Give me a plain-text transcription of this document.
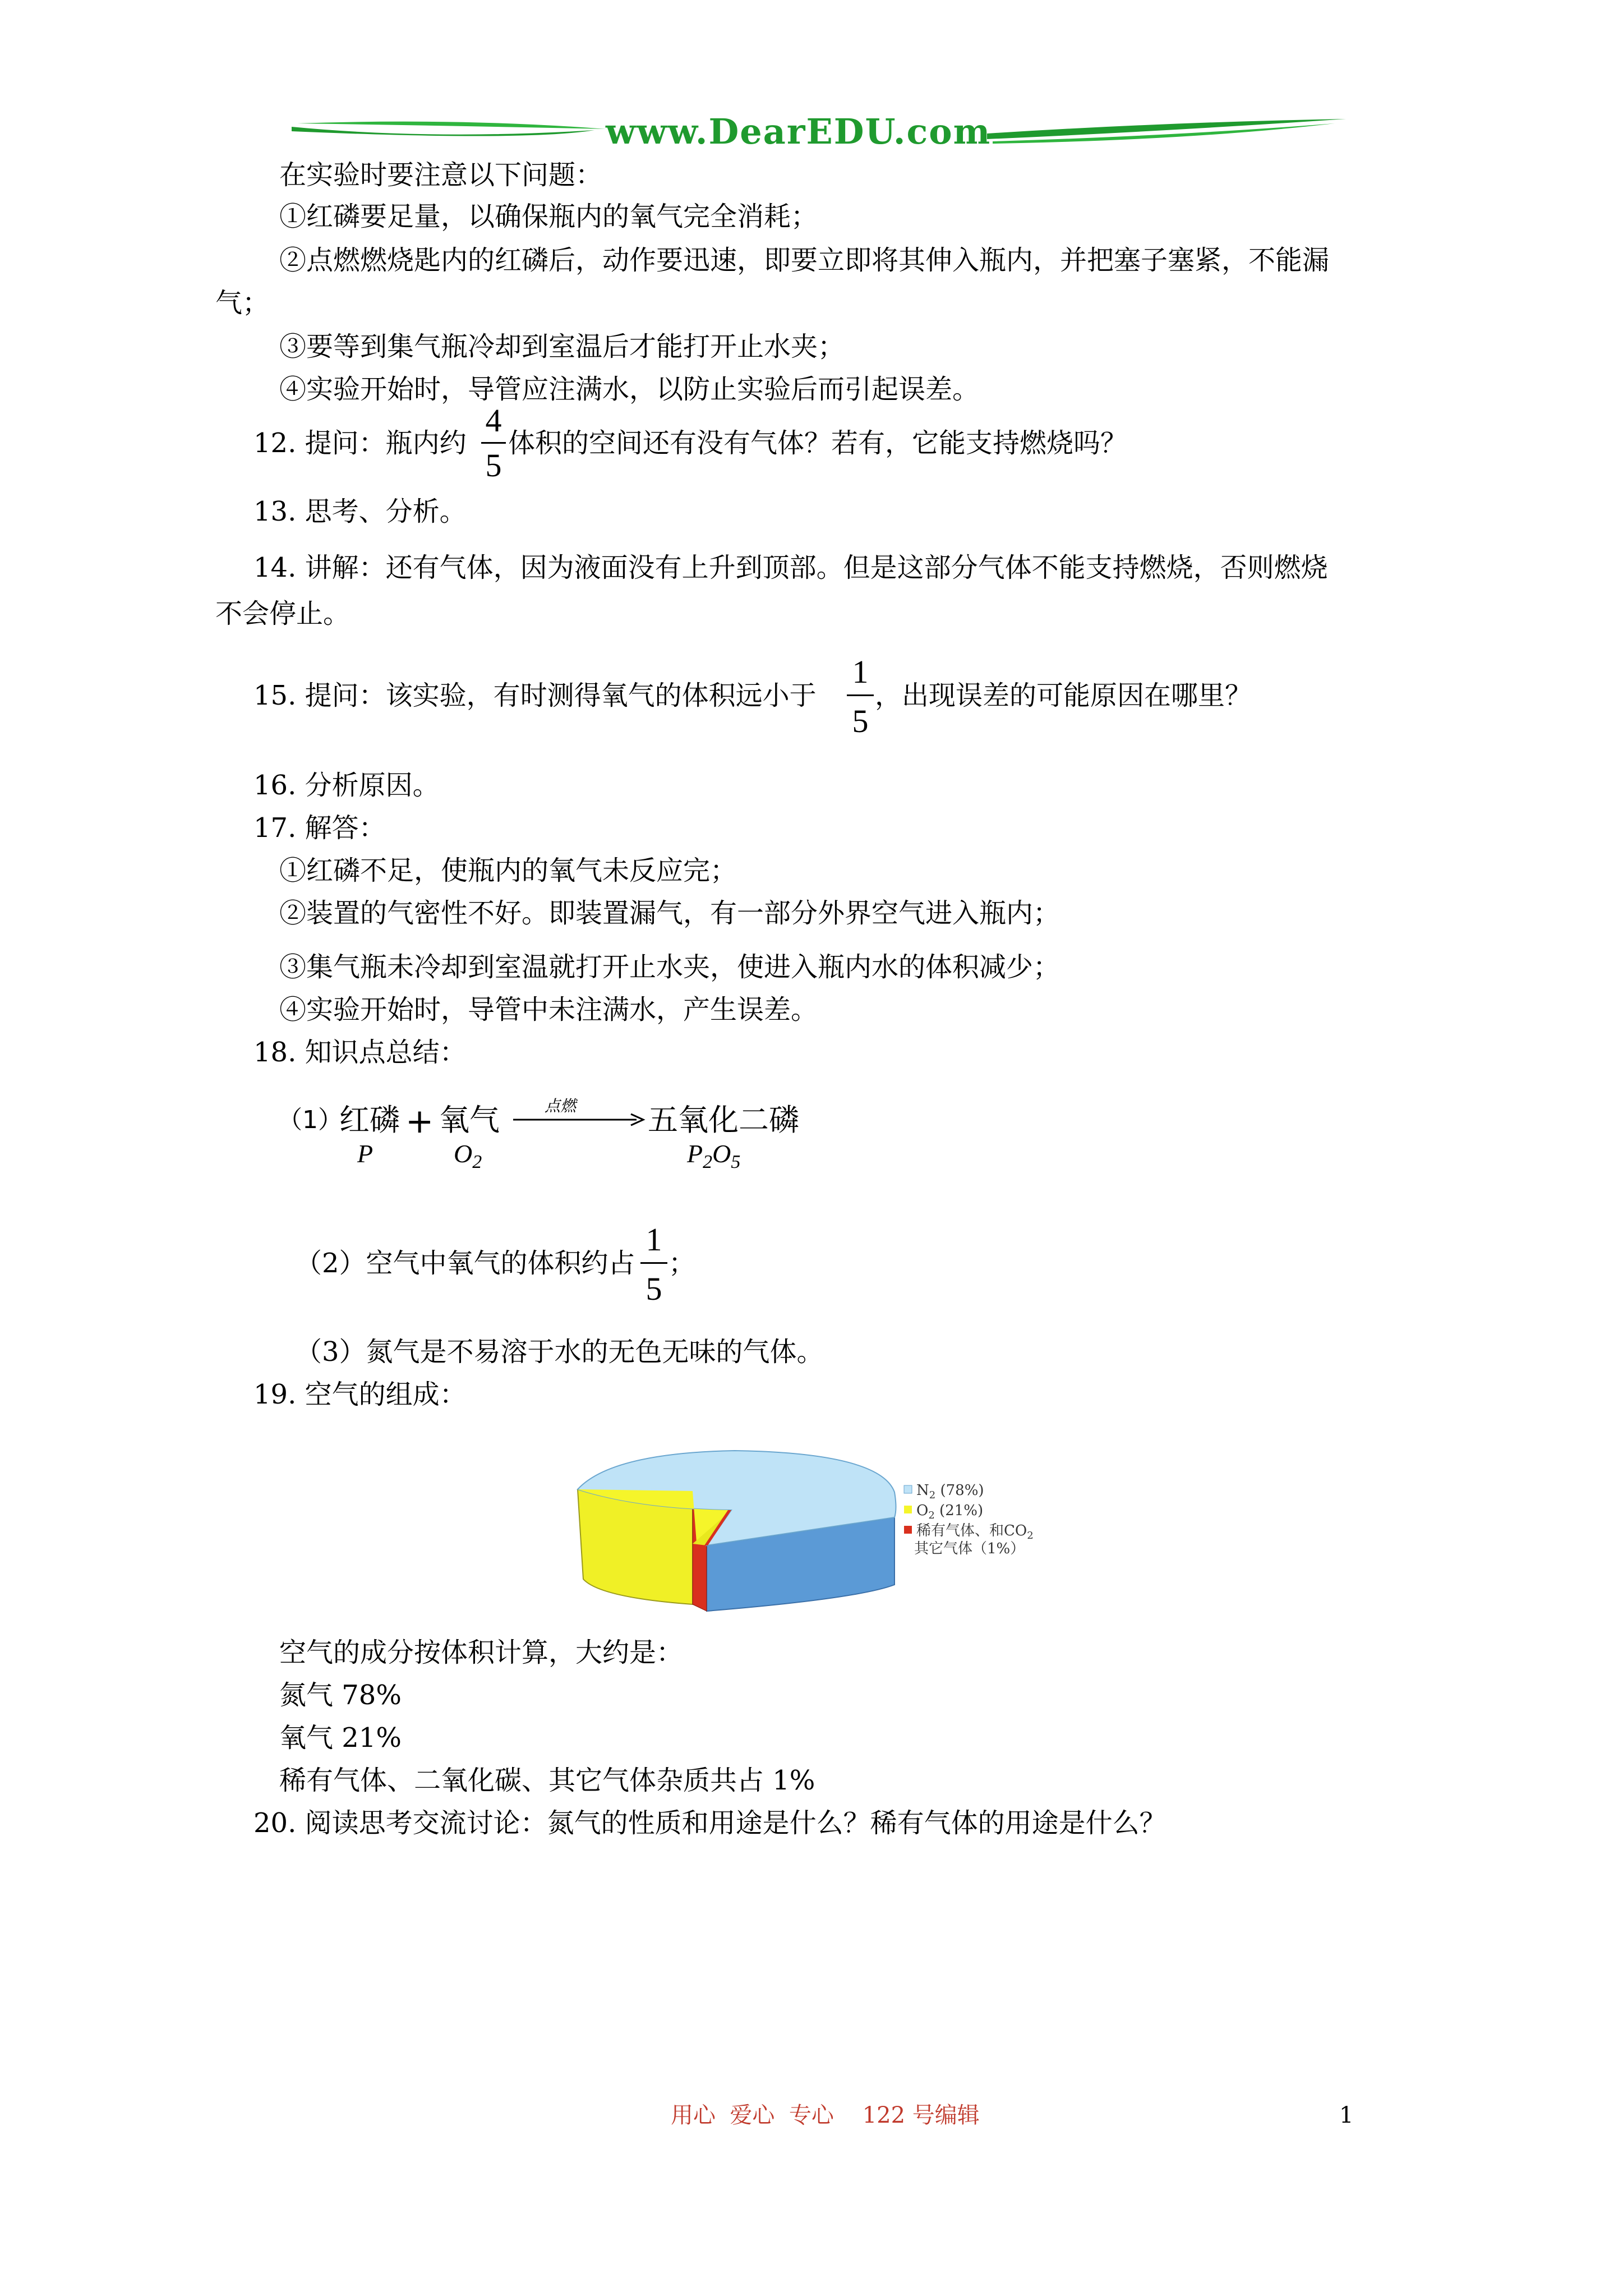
www.DearEDU.com
在实验时要注意以下问题：
①红磷要足量，以确保瓶内的氧气完全消耗；
②点燃燃烧匙内的红磷后，动作要迅速，即要立即将其伸入瓶内，并把塞子塞紧，不能漏
气；
③要等到集气瓶冷却到室温后才能打开止水夹；
④实验开始时，导管应注满水，以防止实验后而引起误差。
12. 提问：瓶内约
4
5
体积的空间还有没有气体？若有，它能支持燃烧吗？
13. 思考、分析。
14. 讲解：还有气体，因为液面没有上升到顶部。但是这部分气体不能支持燃烧，否则燃烧
不会停止。
15. 提问：该实验，有时测得氧气的体积远小于
1
5
，出现误差的可能原因在哪里？
16. 分析原因。
17. 解答：
①红磷不足，使瓶内的氧气未反应完；
②装置的气密性不好。即装置漏气，有一部分外界空气进入瓶内；
③集气瓶未冷却到室温就打开止水夹，使进入瓶内水的体积减少；
④实验开始时，导管中未注满水，产生误差。
18. 知识点总结：
（1）
红磷 + 氧气	点燃 五氧化二磷
P	$O_2$	$P_2O_5$
（2）空气中氧气的体积约占
1
5
；
（3）氮气是不易溶于水的无色无味的气体。
19. 空气的组成：
$N_2$ (78%)
$O_2$ (21%)
稀有气体、和$CO_2$
其它气体（1%）
空气的成分按体积计算，大约是：
氮气 78%
氧气 21%
稀有气体、二氧化碳、其它气体杂质共占 1%
20. 阅读思考交流讨论：氮气的性质和用途是什么？稀有气体的用途是什么？
用心  爱心  专心    122 号编辑	1
